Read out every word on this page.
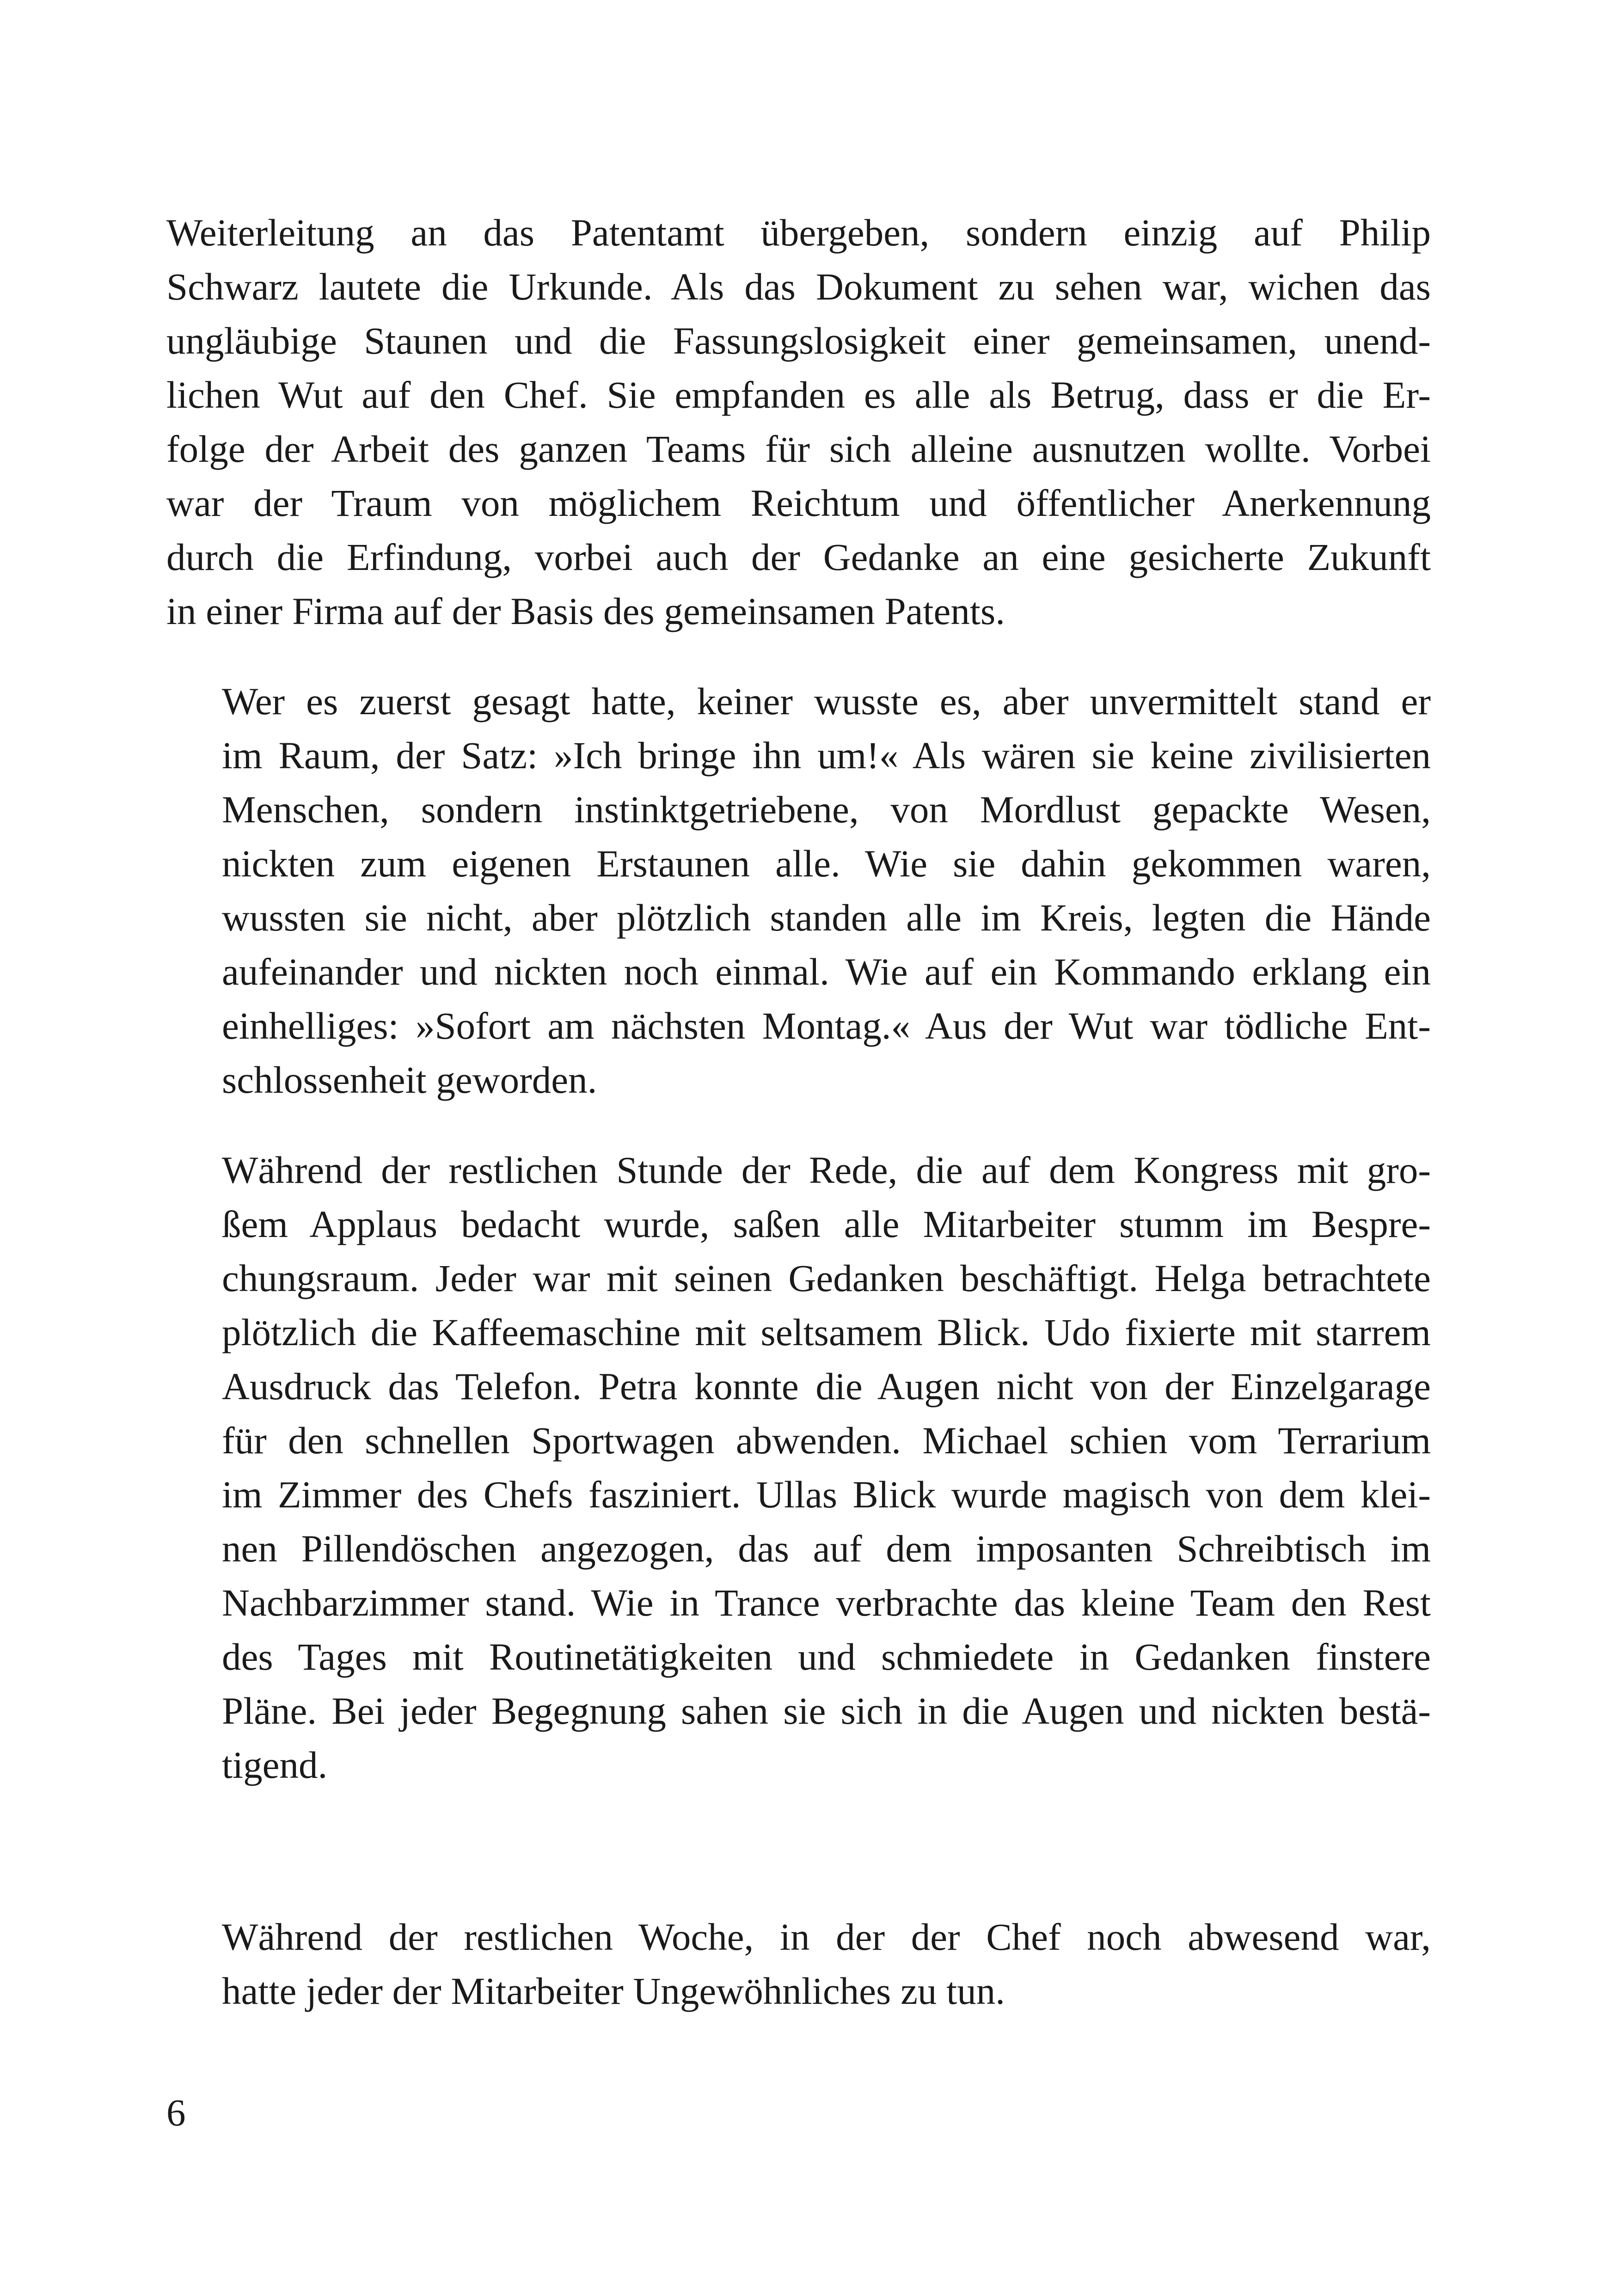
Weiterleitung an das Patentamt übergeben, sondern einzig auf Philip
Schwarz lautete die Urkunde. Als das Dokument zu sehen war, wichen das
ungläubige Staunen und die Fassungslosigkeit einer gemeinsamen, unend-
lichen Wut auf den Chef. Sie empfanden es alle als Betrug, dass er die Er-
folge der Arbeit des ganzen Teams für sich alleine ausnutzen wollte. Vorbei
war der Traum von möglichem Reichtum und öffentlicher Anerkennung
durch die Erfindung, vorbei auch der Gedanke an eine gesicherte Zukunft
in einer Firma auf der Basis des gemeinsamen Patents.

Wer es zuerst gesagt hatte, keiner wusste es, aber unvermittelt stand er
im Raum, der Satz: »Ich bringe ihn um!« Als wären sie keine zivilisierten
Menschen, sondern instinktgetriebene, von Mordlust gepackte Wesen,
nickten zum eigenen Erstaunen alle. Wie sie dahin gekommen waren,
wussten sie nicht, aber plötzlich standen alle im Kreis, legten die Hände
aufeinander und nickten noch einmal. Wie auf ein Kommando erklang ein
einhelliges: »Sofort am nächsten Montag.« Aus der Wut war tödliche Ent-
schlossenheit geworden.

Während der restlichen Stunde der Rede, die auf dem Kongress mit gro-
ßem Applaus bedacht wurde, saßen alle Mitarbeiter stumm im Bespre-
chungsraum. Jeder war mit seinen Gedanken beschäftigt. Helga betrachtete
plötzlich die Kaffeemaschine mit seltsamem Blick. Udo fixierte mit starrem
Ausdruck das Telefon. Petra konnte die Augen nicht von der Einzelgarage
für den schnellen Sportwagen abwenden. Michael schien vom Terrarium
im Zimmer des Chefs fasziniert. Ullas Blick wurde magisch von dem klei-
nen Pillendöschen angezogen, das auf dem imposanten Schreibtisch im
Nachbarzimmer stand. Wie in Trance verbrachte das kleine Team den Rest
des Tages mit Routinetätigkeiten und schmiedete in Gedanken finstere
Pläne. Bei jeder Begegnung sahen sie sich in die Augen und nickten bestä-
tigend.

Während der restlichen Woche, in der der Chef noch abwesend war,
hatte jeder der Mitarbeiter Ungewöhnliches zu tun.

6
